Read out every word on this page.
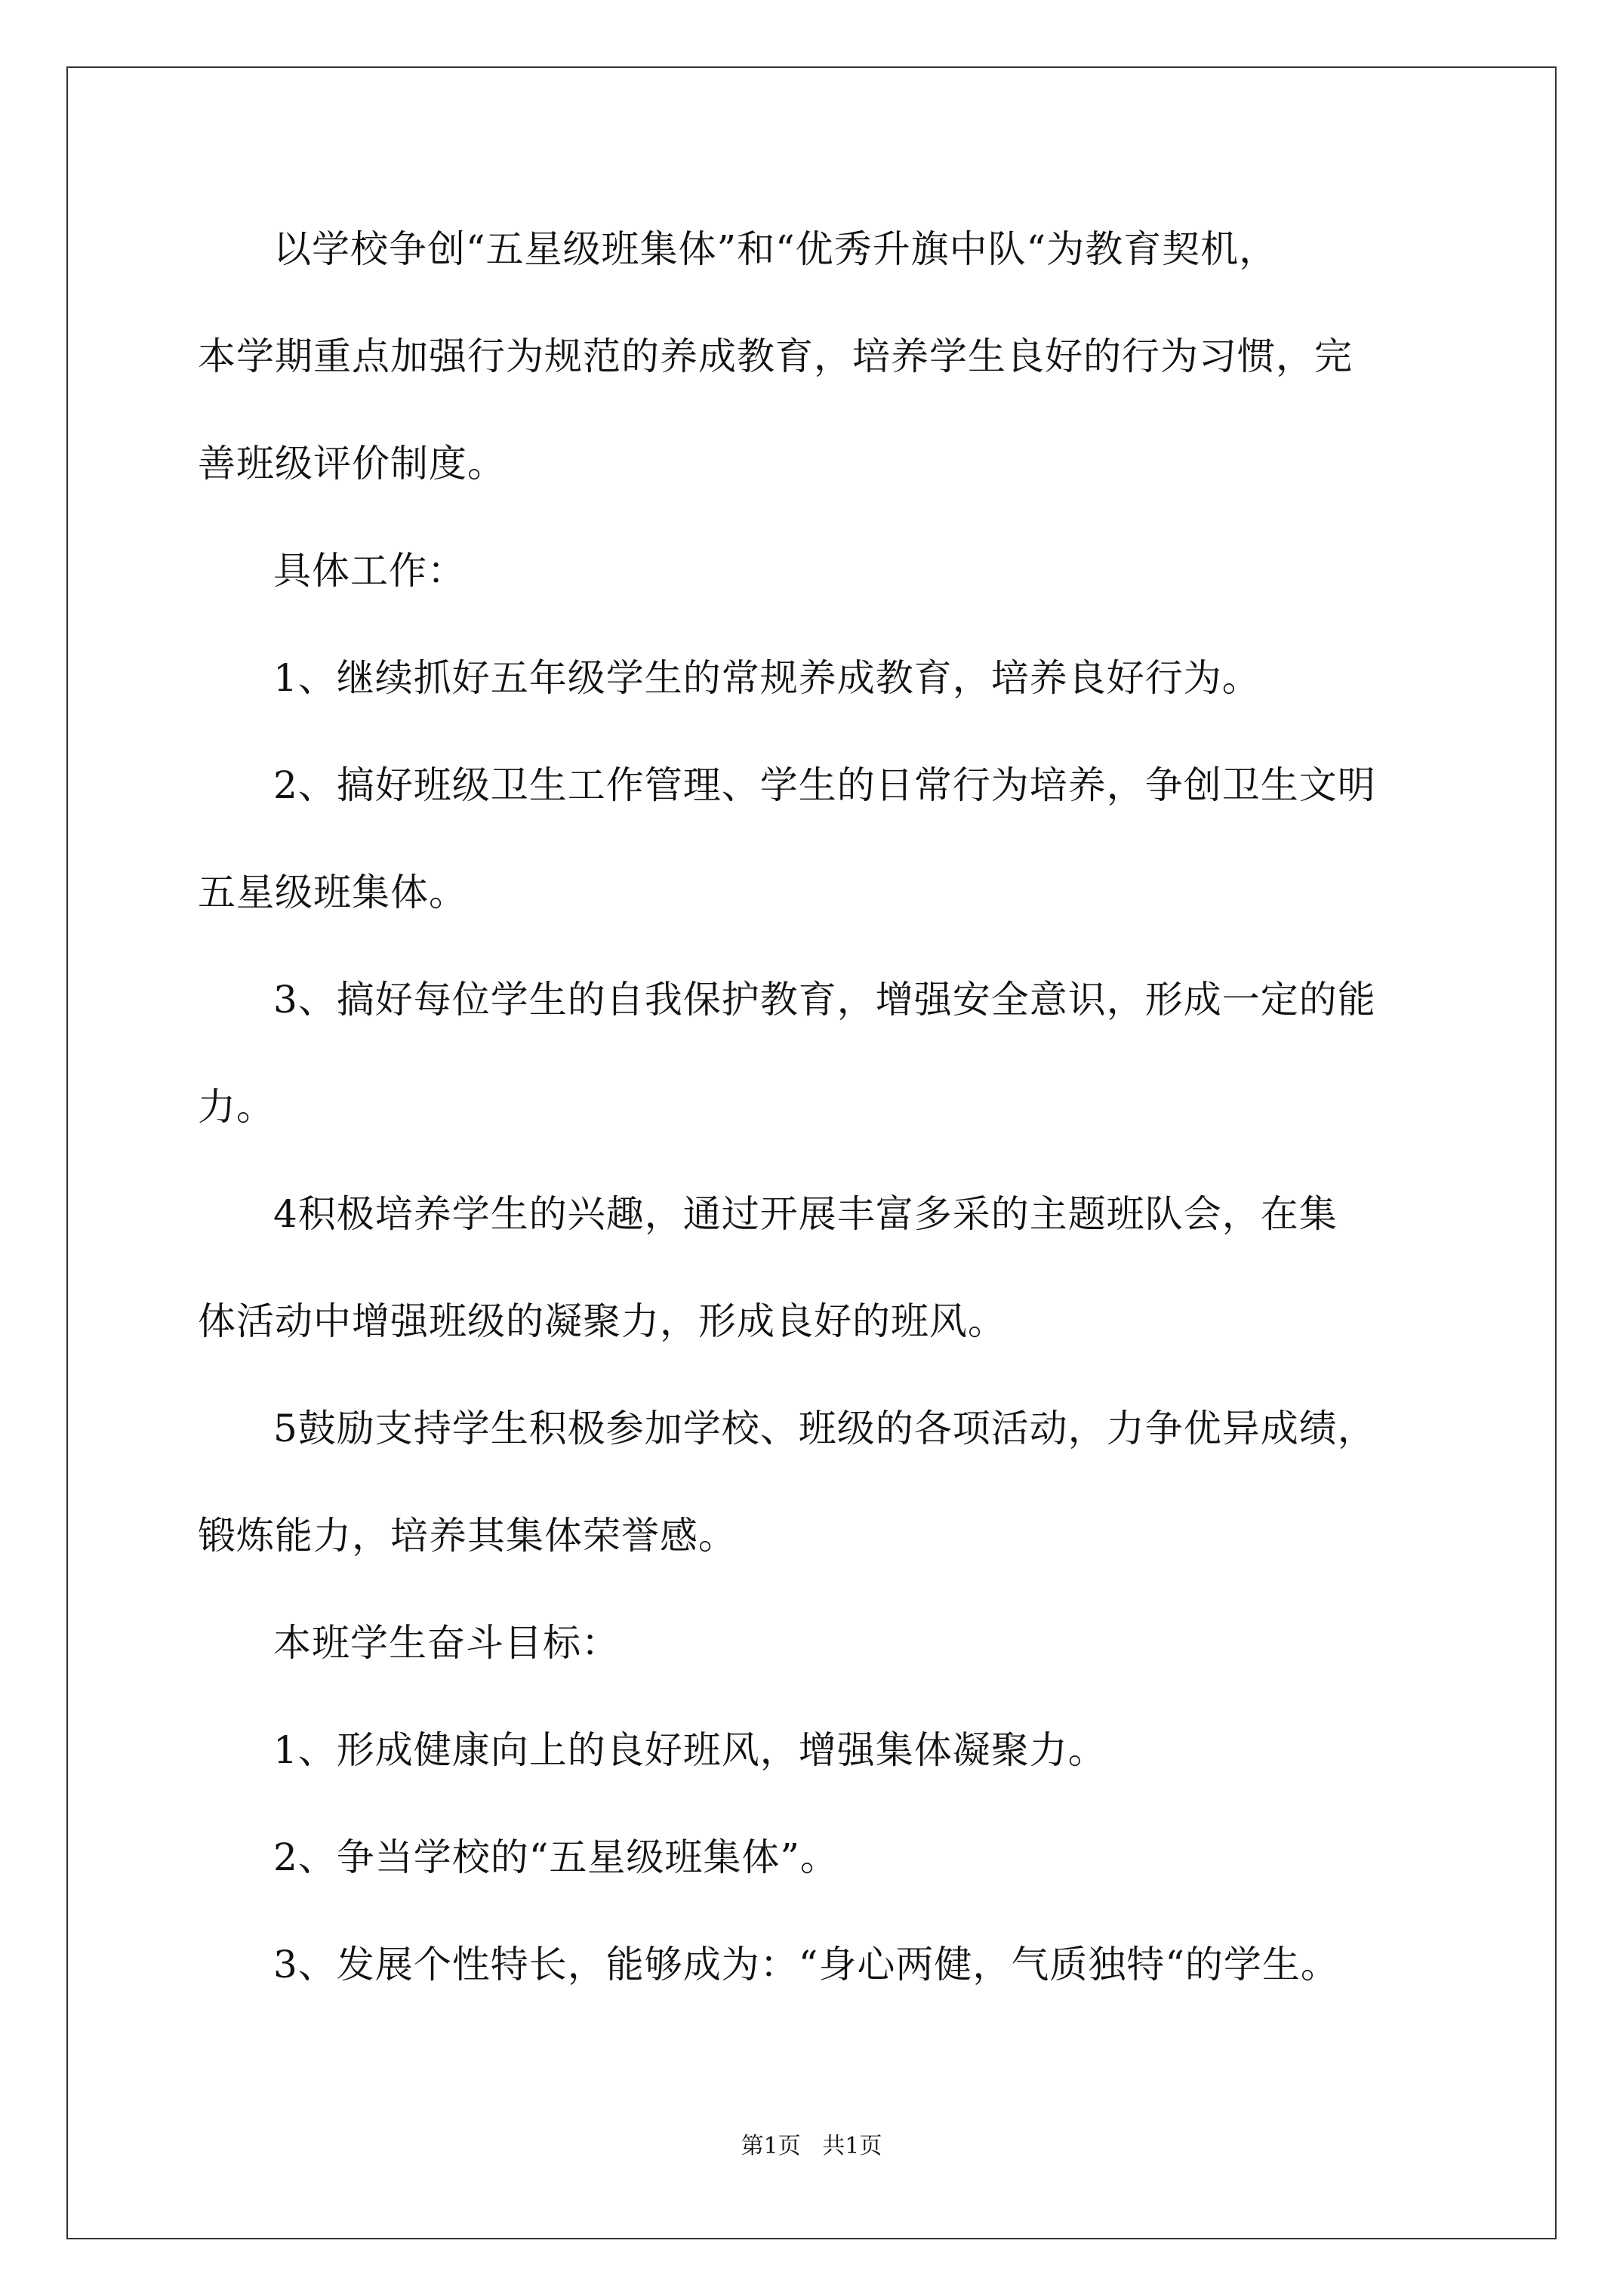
以学校争创“五星级班集体”和“优秀升旗中队“为教育契机，
本学期重点加强行为规范的养成教育，培养学生良好的行为习惯，完
善班级评价制度。
具体工作：
1、继续抓好五年级学生的常规养成教育，培养良好行为。
2、搞好班级卫生工作管理、学生的日常行为培养，争创卫生文明
五星级班集体。
3、搞好每位学生的自我保护教育，增强安全意识，形成一定的能
力。
4积极培养学生的兴趣，通过开展丰富多采的主题班队会，在集
体活动中增强班级的凝聚力，形成良好的班风。
5鼓励支持学生积极参加学校、班级的各项活动，力争优异成绩，
锻炼能力，培养其集体荣誉感。
本班学生奋斗目标：
1、形成健康向上的良好班风，增强集体凝聚力。
2、争当学校的“五星级班集体”。
3、发展个性特长，能够成为：“身心两健，气质独特“的学生。
第1页   共1页
